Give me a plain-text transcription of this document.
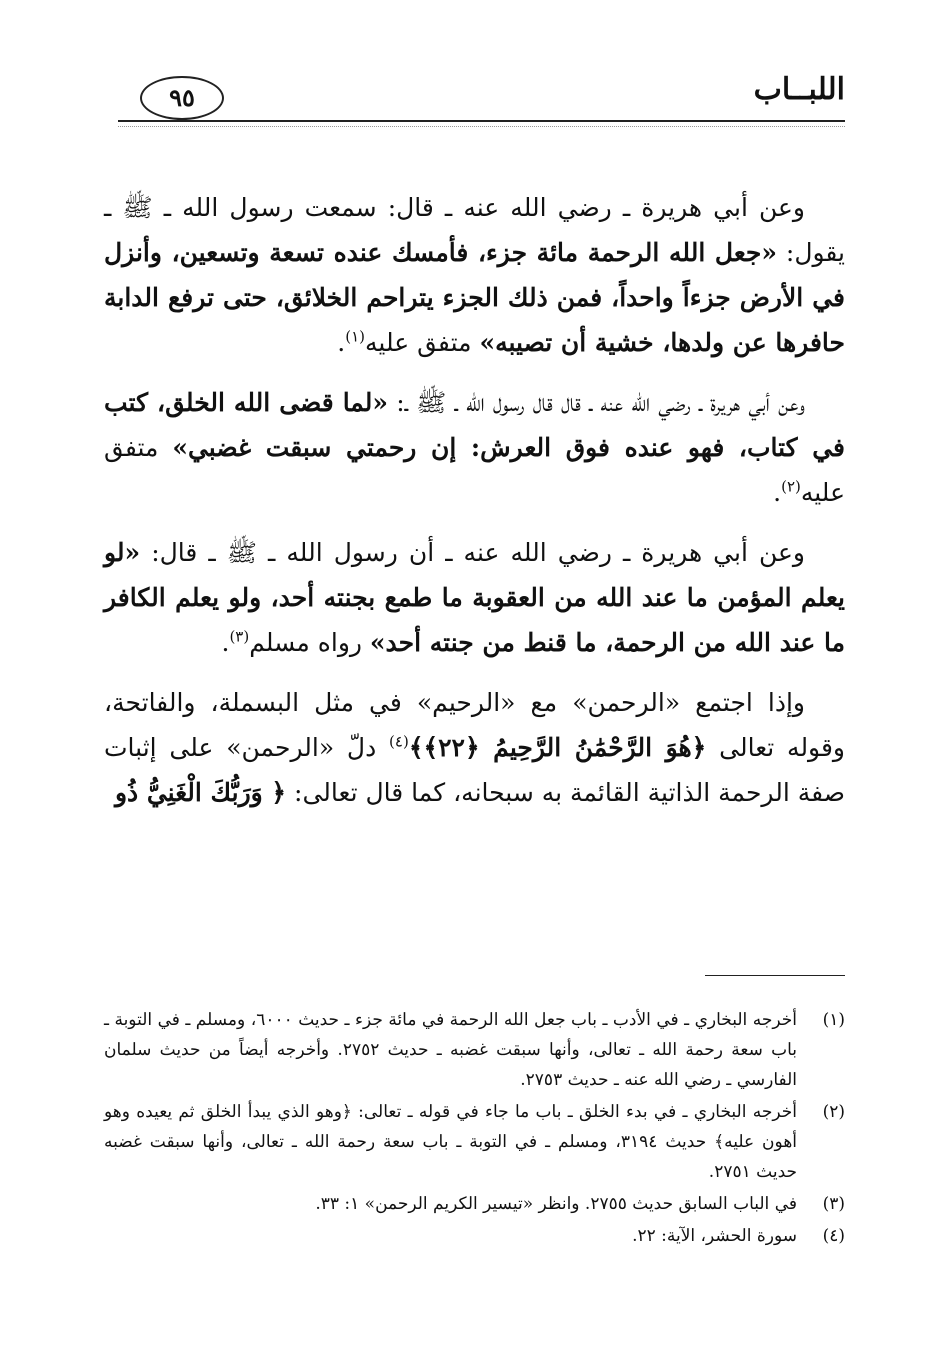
٩٥	اللبــاب

وعن أبي هريرة ـ رضي الله عنه ـ قال: سمعت رسول الله ـ ﷺ ـ يقول: «جعل الله الرحمة مائة جزء، فأمسك عنده تسعة وتسعين، وأنزل في الأرض جزءاً واحداً، فمن ذلك الجزء يتراحم الخلائق، حتى ترفع الدابة حافرها عن ولدها، خشية أن تصيبه» متفق عليه$^{(١)}$.

وعن أبي هريرة ـ رضي الله عنه ـ قال قال رسول الله ـ ﷺ ـ: «لما قضى الله الخلق، كتب في كتاب، فهو عنده فوق العرش: إن رحمتي سبقت غضبي» متفق عليه$^{(٢)}$.

وعن أبي هريرة ـ رضي الله عنه ـ أن رسول الله ـ ﷺ ـ قال: «لو يعلم المؤمن ما عند الله من العقوبة ما طمع بجنته أحد، ولو يعلم الكافر ما عند الله من الرحمة، ما قنط من جنته أحد» رواه مسلم$^{(٣)}$.

وإذا اجتمع «الرحمن» مع «الرحيم» في مثل البسملة، والفاتحة، وقوله تعالى ﴿هُوَ الرَّحْمَٰنُ الرَّحِيمُ ﴿٢٢﴾﴾$^{(٤)}$ دلّ «الرحمن» على إثبات صفة الرحمة الذاتية القائمة به سبحانه، كما قال تعالى: ﴿ وَرَبُّكَ الْغَنِيُّ ذُو

(١)
أخرجه البخاري ـ في الأدب ـ باب جعل الله الرحمة في مائة جزء ـ حديث ٦٠٠٠، ومسلم ـ في التوبة ـ باب سعة رحمة الله ـ تعالى، وأنها سبقت غضبه ـ حديث ٢٧٥٢. وأخرجه أيضاً من حديث سلمان الفارسي ـ رضي الله عنه ـ حديث ٢٧٥٣.
(٢)
أخرجه البخاري ـ في بدء الخلق ـ باب ما جاء في قوله ـ تعالى: ﴿وهو الذي يبدأ الخلق ثم يعيده وهو أهون عليه﴾ حديث ٣١٩٤، ومسلم ـ في التوبة ـ باب سعة رحمة الله ـ تعالى، وأنها سبقت غضبه حديث ٢٧٥١.
(٣)
في الباب السابق حديث ٢٧٥٥. وانظر «تيسير الكريم الرحمن» ١: ٣٣.
(٤)
سورة الحشر، الآية: ٢٢.
